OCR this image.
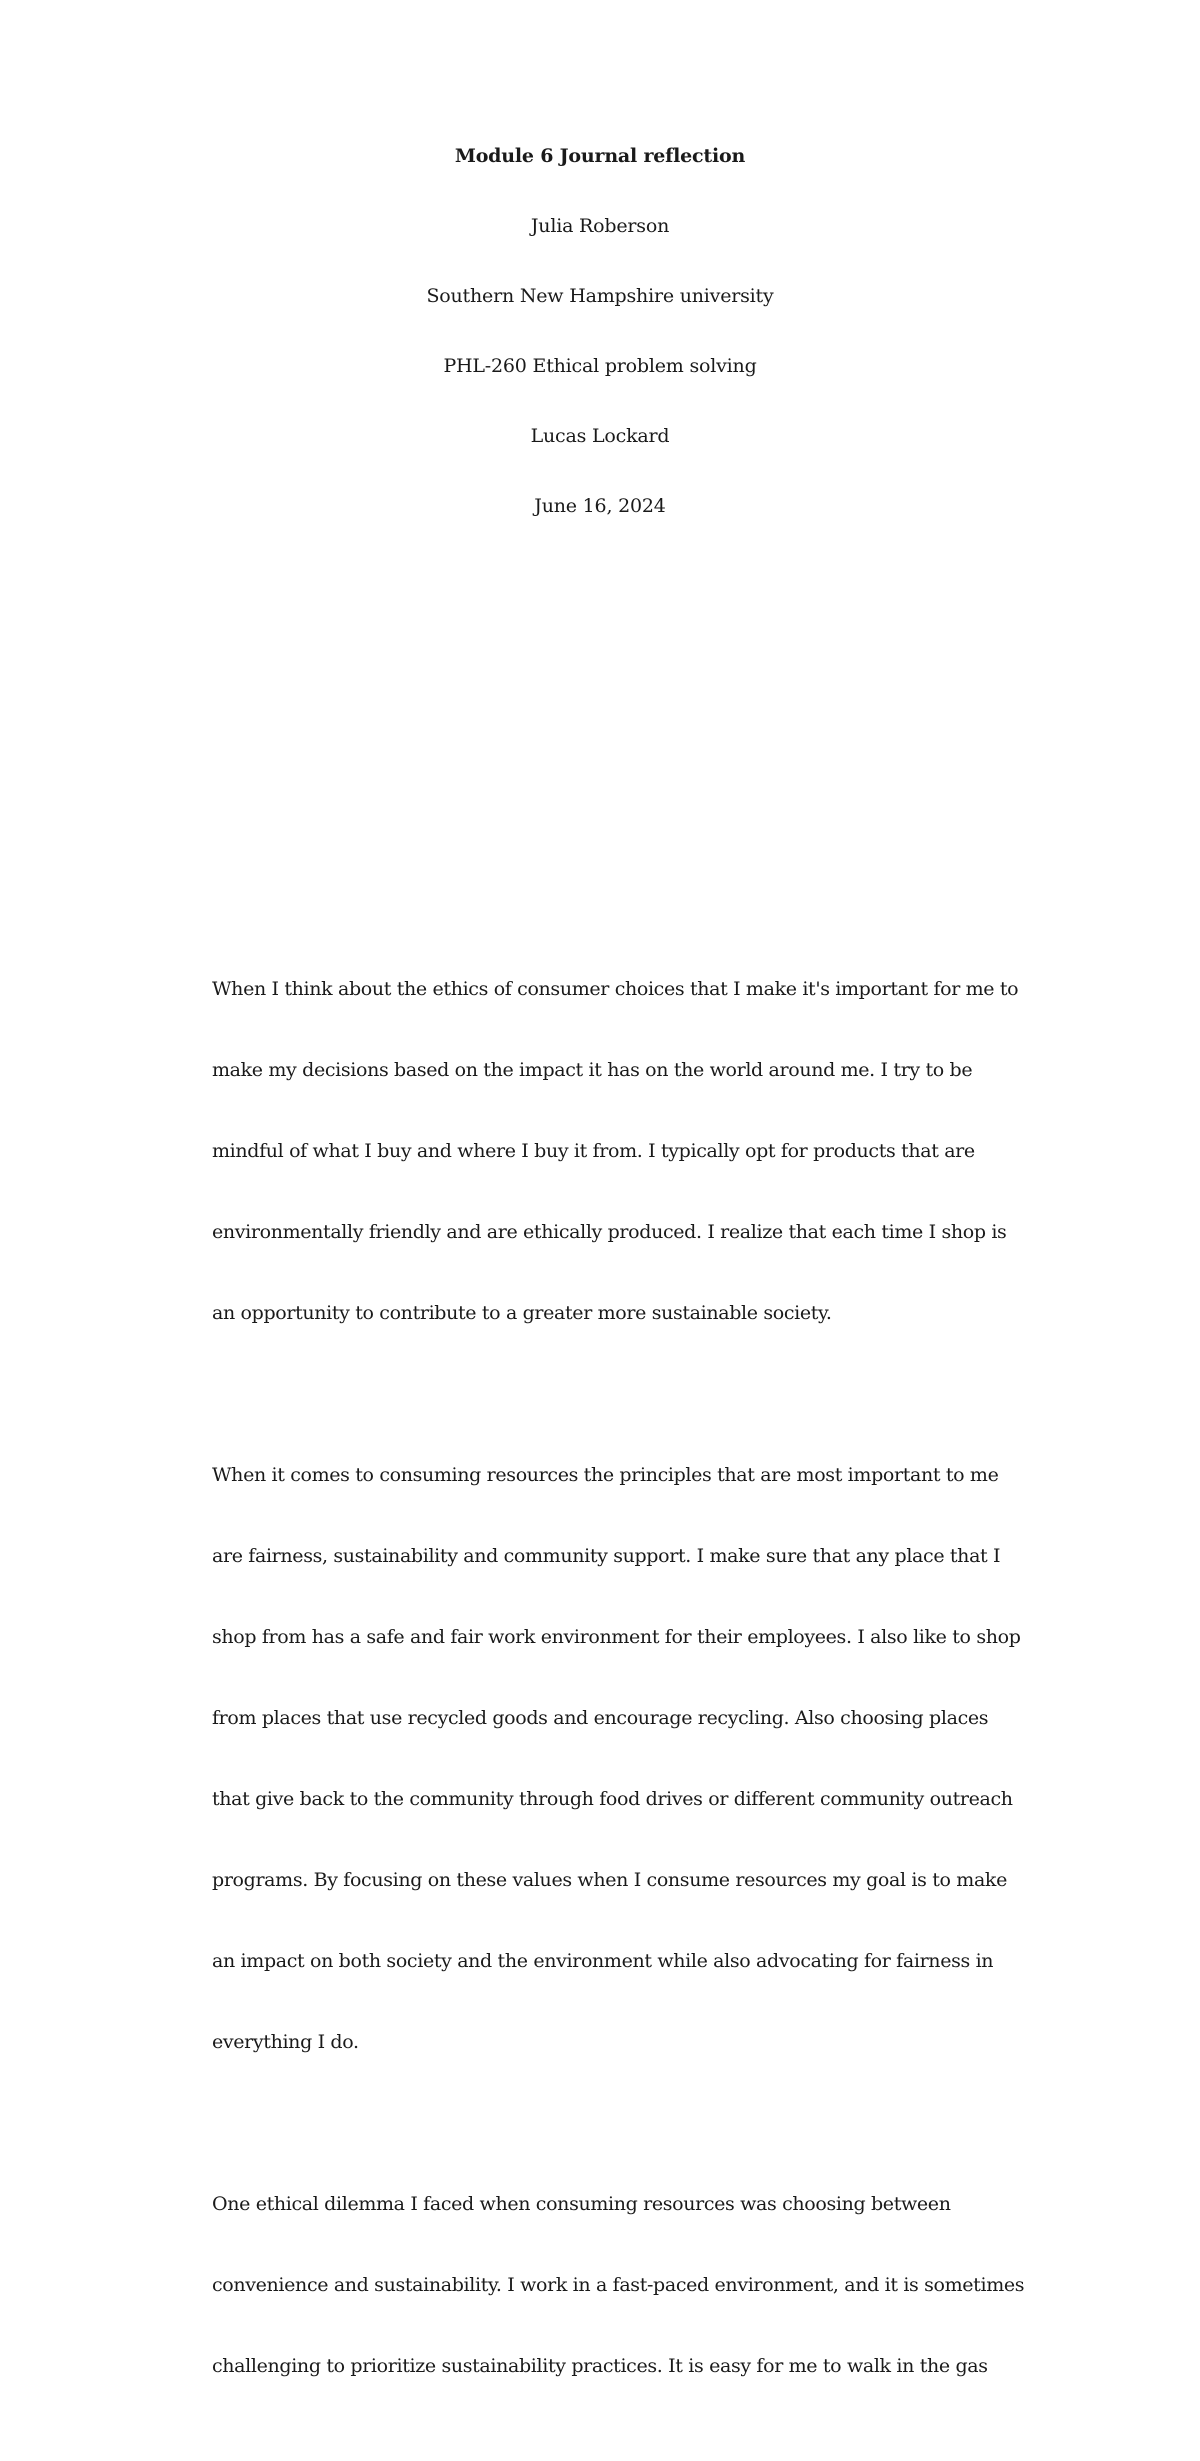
Module 6 Journal reflection
Julia Roberson
Southern New Hampshire university
PHL-260 Ethical problem solving
Lucas Lockard
June 16, 2024

When I think about the ethics of consumer choices that I make it's important for me to

make my decisions based on the impact it has on the world around me. I try to be

mindful of what I buy and where I buy it from. I typically opt for products that are

environmentally friendly and are ethically produced. I realize that each time I shop is

an opportunity to contribute to a greater more sustainable society.

When it comes to consuming resources the principles that are most important to me

are fairness, sustainability and community support. I make sure that any place that I

shop from has a safe and fair work environment for their employees. I also like to shop

from places that use recycled goods and encourage recycling. Also choosing places

that give back to the community through food drives or different community outreach

programs. By focusing on these values when I consume resources my goal is to make

an impact on both society and the environment while also advocating for fairness in

everything I do.

One ethical dilemma I faced when consuming resources was choosing between

convenience and sustainability. I work in a fast-paced environment, and it is sometimes

challenging to prioritize sustainability practices. It is easy for me to walk in the gas
